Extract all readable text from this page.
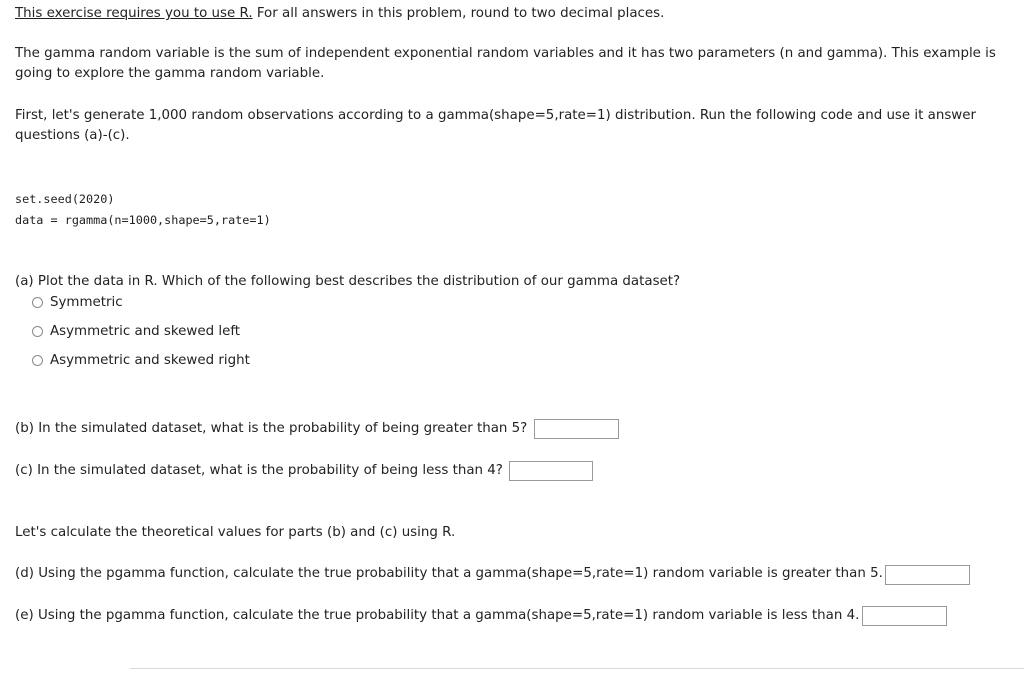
This exercise requires you to use R. For all answers in this problem, round to two decimal places.
The gamma random variable is the sum of independent exponential random variables and it has two parameters (n and gamma). This example is
going to explore the gamma random variable.
First, let's generate 1,000 random observations according to a gamma(shape=5,rate=1) distribution. Run the following code and use it answer
questions (a)-(c).
set.seed(2020)
data = rgamma(n=1000,shape=5,rate=1)
(a) Plot the data in R. Which of the following best describes the distribution of our gamma dataset?
Symmetric
Asymmetric and skewed left
Asymmetric and skewed right
(b) In the simulated dataset, what is the probability of being greater than 5?
(c) In the simulated dataset, what is the probability of being less than 4?
Let's calculate the theoretical values for parts (b) and (c) using R.
(d) Using the pgamma function, calculate the true probability that a gamma(shape=5,rate=1) random variable is greater than 5.
(e) Using the pgamma function, calculate the true probability that a gamma(shape=5,rate=1) random variable is less than 4.
